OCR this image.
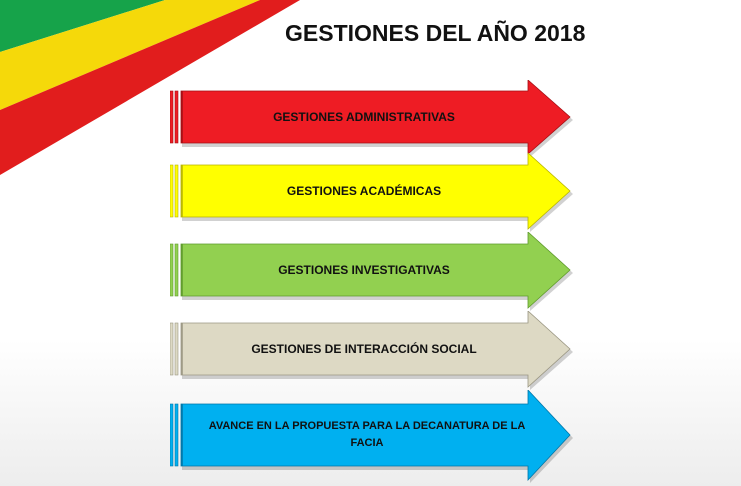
GESTIONES DEL AÑO 2018
GESTIONES ADMINISTRATIVAS
GESTIONES ACADÉMICAS
GESTIONES INVESTIGATIVAS
GESTIONES DE INTERACCIÓN SOCIAL
AVANCE EN LA PROPUESTA PARA LA DECANATURA DE LA FACIA
